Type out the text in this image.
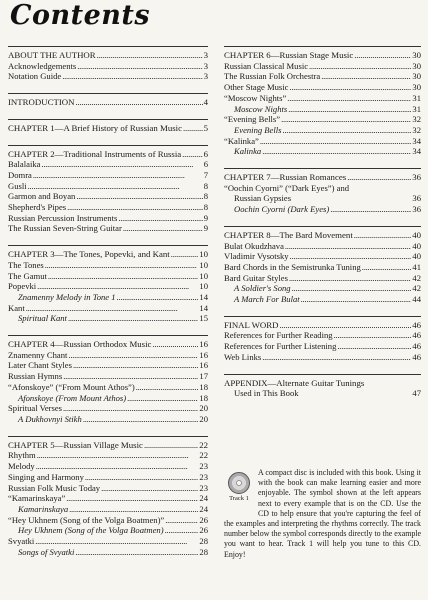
Contents
ABOUT THE AUTHOR . . .	3
Acknowledgements . . .	3
Notation Guide . . .	3
INTRODUCTION . . .	4
CHAPTER 1—A Brief History of Russian Music . . . 5
CHAPTER 2—Traditional Instruments of Russia . . .	6
Balalaika . . .	6
Domra . . .	7
Gusli . . .	8
Garmon and Boyan . . .	8
Shepherd's Pipes . . .	8
Russian Percussion Instruments . . .	9
The Russian Seven-String Guitar . . .	9
CHAPTER 3—The Tones, Popevki, and Kant . . .	10
The Tones . . .	10
The Gamut . . .	10
Popevki . . .	10
Znamenny Melody in Tone 1 . . .	14
Kant . . .	14
Spiritual Kant . . .	15
CHAPTER 4—Russian Orthodox Music . . .	16
Znamenny Chant . . .	16
Later Chant Styles . . .	16
Russian Hymns . . .	17
“Afonskoye” (“From Mount Athos”) . . .	18
Afonskoye (From Mount Athos) . . .	18
Spiritual Verses . . .	20
A Dukhovnyi Stikh . . .	20
CHAPTER 5—Russian Village Music . . .	22
Rhythm . . .	22
Melody . . .	23
Singing and Harmony . . .	23
Russian Folk Music Today . . .	23
“Kamarinskaya” . . .	24
Kamarinskaya . . .	24
“Hey Ukhnem (Song of the Volga Boatmen)” . . .	26
Hey Ukhnem (Song of the Volga Boatmen) . . .	26
Svyatki . . .	28
Songs of Svyatki . . .	28
CHAPTER 6—Russian Stage Music . . .	30
Russian Classical Music . . .	30
The Russian Folk Orchestra . . .	30
Other Stage Music . . .	30
“Moscow Nights” . . .	31
Moscow Nights . . .	31
“Evening Bells” . . .	32
Evening Bells . . .	32
“Kalinka” . . .	34
Kalinka . . .	34
CHAPTER 7—Russian Romances . . .	36
“Oochin Cyorni” (“Dark Eyes”) and
Russian Gypsies	36
Oochin Cyorni (Dark Eyes) . . .	36
CHAPTER 8—The Bard Movement . . .	40
Bulat Okudzhava . . .	40
Vladimir Vysotsky . . .	40
Bard Chords in the Semistrunka Tuning . . .	41
Bard Guitar Styles . . .	42
A Soldier's Song . . .	42
A March For Bulat . . .	44
FINAL WORD . . .	46
References for Further Reading . . .	46
References for Further Listening . . .	46
Web Links . . .	46
APPENDIX—Alternate Guitar Tunings
Used in This Book	47
Track 1
A compact disc is included with this book. Using it with the book can make learning easier and more enjoyable. The symbol shown at the left appears next to every example that is on the CD. Use the CD to help ensure that you're capturing the feel of the examples and interpreting the rhythms correctly. The track number below the symbol corresponds directly to the example you want to hear. Track 1 will help you tune to this CD. Enjoy!
